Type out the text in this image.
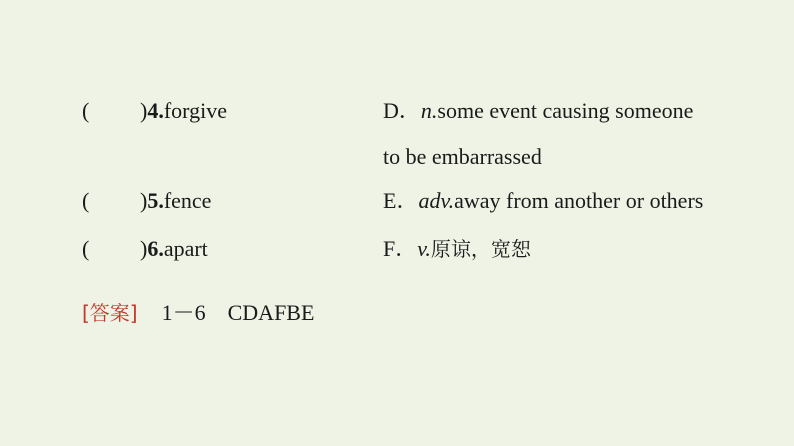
( )4.forgive	D．n.some event causing someone
to be embarrassed
( )5.fence	E．adv.away from another or others
( )6.apart	F．v.原谅，宽恕
[答案] 1－6 CDAFBE
